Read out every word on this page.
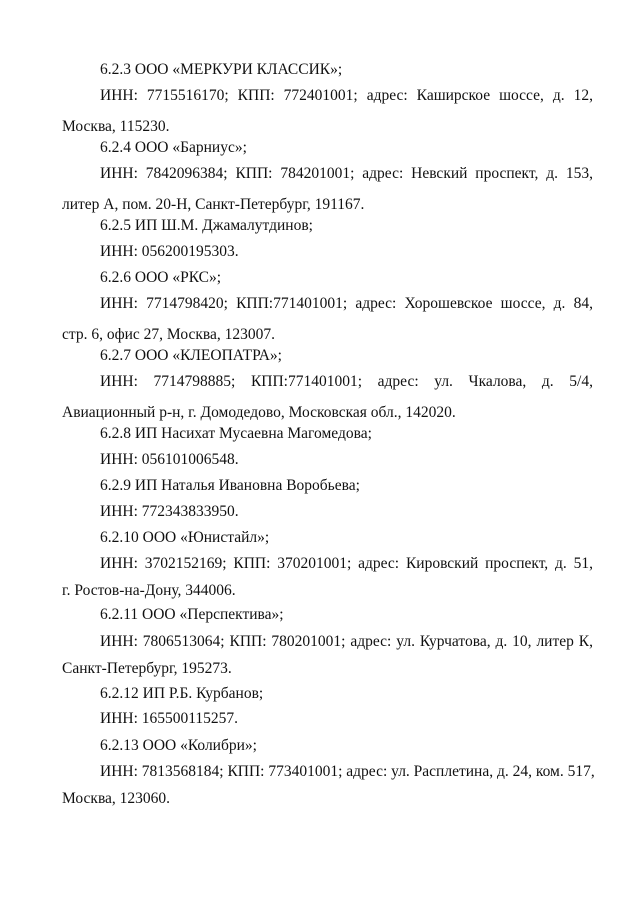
6.2.3 ООО «МЕРКУРИ КЛАССИК»;
ИНН: 7715516170; КПП: 772401001; адрес: Каширское шоссе, д. 12,
Москва, 115230.
6.2.4 ООО «Барниус»;
ИНН: 7842096384; КПП: 784201001; адрес: Невский проспект, д. 153,
литер А, пом. 20-Н, Санкт-Петербург, 191167.
6.2.5 ИП Ш.М. Джамалутдинов;
ИНН: 056200195303.
6.2.6 ООО «РКС»;
ИНН: 7714798420; КПП:771401001; адрес: Хорошевское шоссе, д. 84,
стр. 6, офис 27, Москва, 123007.
6.2.7 ООО «КЛЕОПАТРА»;
ИНН: 7714798885; КПП:771401001; адрес: ул. Чкалова, д. 5/4,
Авиационный р-н, г. Домодедово, Московская обл., 142020.
6.2.8 ИП Насихат Мусаевна Магомедова;
ИНН: 056101006548.
6.2.9 ИП Наталья Ивановна Воробьева;
ИНН: 772343833950.
6.2.10 ООО «Юнистайл»;
ИНН: 3702152169; КПП: 370201001; адрес: Кировский проспект, д. 51,
г. Ростов-на-Дону, 344006.
6.2.11 ООО «Перспектива»;
ИНН: 7806513064; КПП: 780201001; адрес: ул. Курчатова, д. 10, литер К,
Санкт-Петербург, 195273.
6.2.12 ИП Р.Б. Курбанов;
ИНН: 165500115257.
6.2.13 ООО «Колибри»;
ИНН: 7813568184; КПП: 773401001; адрес: ул. Расплетина, д. 24, ком. 517,
Москва, 123060.
